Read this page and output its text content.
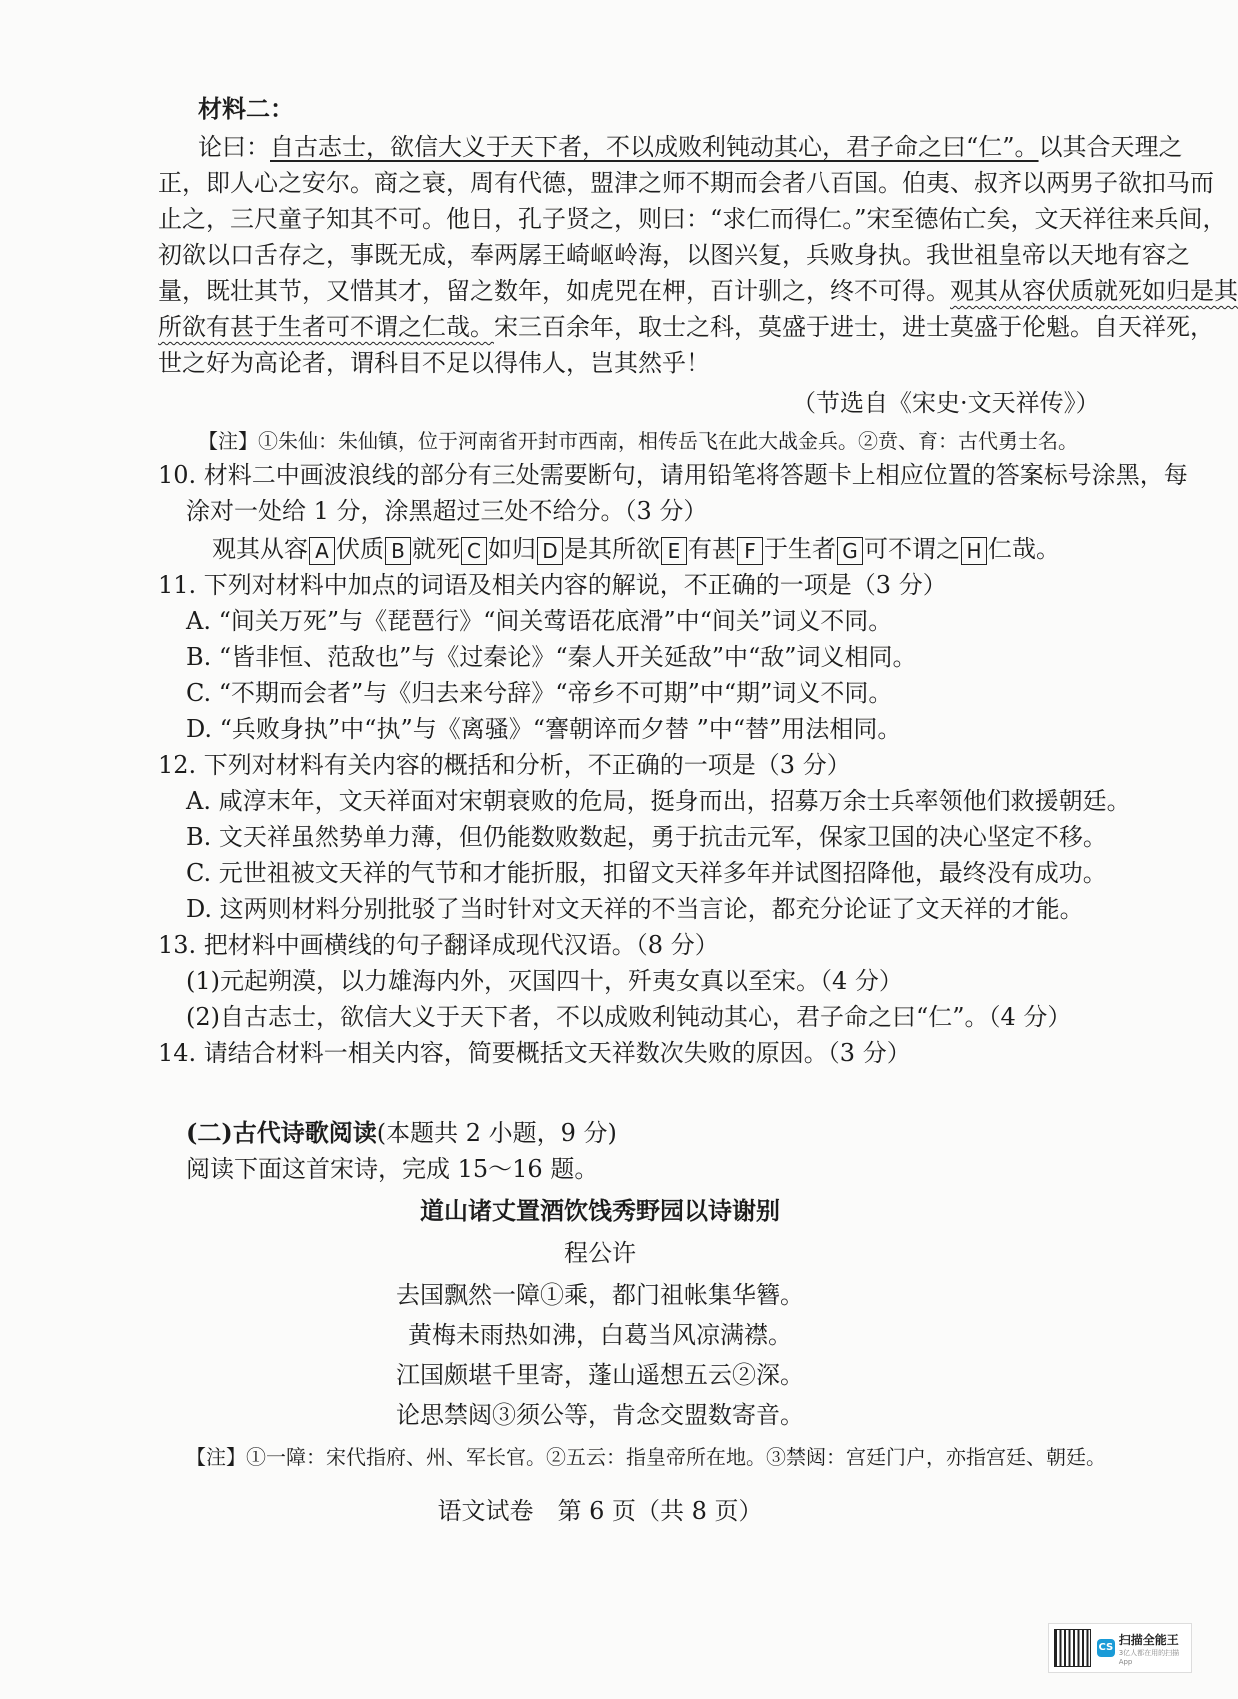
材料二：
论曰：自古志士，欲信大义于天下者，不以成败利钝动其心，君子命之曰“仁”。以其合天理之
正，即人心之安尔。商之衰，周有代德，盟津之师不期而会者八百国。伯夷、叔齐以两男子欲扣马而
止之，三尺童子知其不可。他日，孔子贤之，则曰：“求仁而得仁。”宋至德佑亡矣，文天祥往来兵间，
初欲以口舌存之，事既无成，奉两孱王崎岖岭海，以图兴复，兵败身执。我世祖皇帝以天地有容之
量，既壮其节，又惜其才，留之数年，如虎兕在柙，百计驯之，终不可得。观其从容伏质就死如归是其
所欲有甚于生者可不谓之仁哉。宋三百余年，取士之科，莫盛于进士，进士莫盛于伦魁。自天祥死，
世之好为高论者，谓科目不足以得伟人，岂其然乎！
（节选自《宋史·文天祥传》）
【注】①朱仙：朱仙镇，位于河南省开封市西南，相传岳飞在此大战金兵。②贲、育：古代勇士名。
10. 材料二中画波浪线的部分有三处需要断句，请用铅笔将答题卡上相应位置的答案标号涂黑，每
涂对一处给 1 分，涂黑超过三处不给分。（3 分）
观其从容 A 伏质 B 就死 C 如归 D 是其所欲 E 有甚 F 于生者 G 可不谓之 H 仁哉。
11. 下列对材料中加点的词语及相关内容的解说，不正确的一项是（3 分）
A. “间关万死”与《琵琶行》“间关莺语花底滑”中“间关”词义不同。
B. “皆非恒、范敌也”与《过秦论》“秦人开关延敌”中“敌”词义相同。
C. “不期而会者”与《归去来兮辞》“帝乡不可期”中“期”词义不同。
D. “兵败身执”中“执”与《离骚》“謇朝谇而夕替 ”中“替”用法相同。
12. 下列对材料有关内容的概括和分析，不正确的一项是（3 分）
A. 咸淳末年，文天祥面对宋朝衰败的危局，挺身而出，招募万余士兵率领他们救援朝廷。
B. 文天祥虽然势单力薄，但仍能数败数起，勇于抗击元军，保家卫国的决心坚定不移。
C. 元世祖被文天祥的气节和才能折服，扣留文天祥多年并试图招降他，最终没有成功。
D. 这两则材料分别批驳了当时针对文天祥的不当言论，都充分论证了文天祥的才能。
13. 把材料中画横线的句子翻译成现代汉语。（8 分）
(1)元起朔漠，以力雄海内外，灭国四十，歼夷女真以至宋。（4 分）
(2)自古志士，欲信大义于天下者，不以成败利钝动其心，君子命之曰“仁”。（4 分）
14. 请结合材料一相关内容，简要概括文天祥数次失败的原因。（3 分）
(二)古代诗歌阅读(本题共 2 小题，9 分)
阅读下面这首宋诗，完成 15～16 题。
道山诸丈置酒饮饯秀野园以诗谢别
程公许
去国飘然一障①乘，都门祖帐集华簪。
黄梅未雨热如沸，白葛当风凉满襟。
江国颇堪千里寄，蓬山遥想五云②深。
论思禁闼③须公等，肯念交盟数寄音。
【注】①一障：宋代指府、州、军长官。②五云：指皇帝所在地。③禁闼：宫廷门户，亦指宫廷、朝廷。
语文试卷　第 6 页（共 8 页）
CS
扫描全能王
3亿人都在用的扫描App
